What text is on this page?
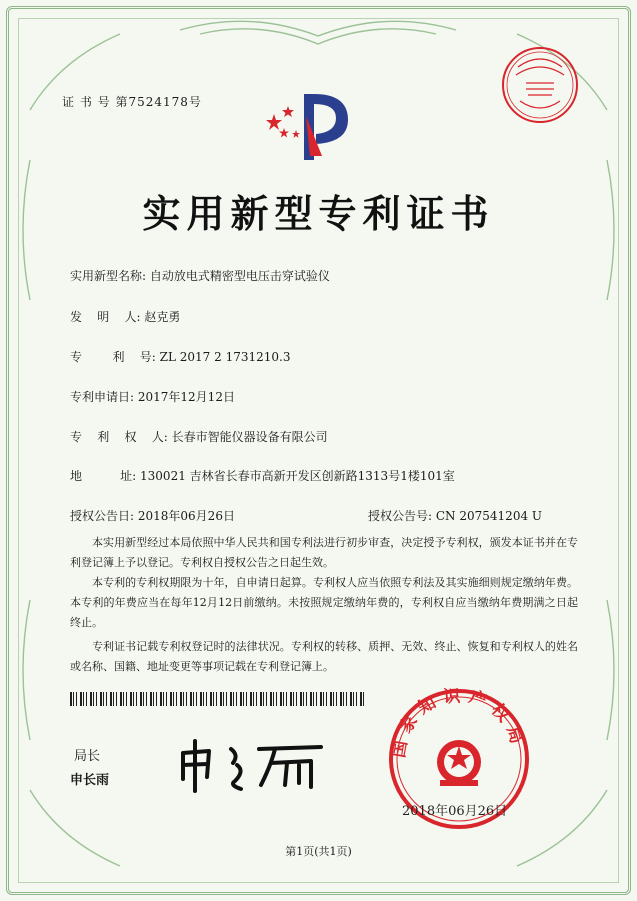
证 书 号 第7524178号
实用新型专利证书
实用新型名称: 自动放电式精密型电压击穿试验仪
发    明    人: 赵克勇
专        利    号: ZL 2017 2 1731210.3
专利申请日: 2017年12月12日
专    利    权    人: 长春市智能仪器设备有限公司
地          址: 130021 吉林省长春市高新开发区创新路1313号1楼101室
授权公告日: 2018年06月26日	授权公告号: CN 207541204 U

本实用新型经过本局依照中华人民共和国专利法进行初步审查，决定授予专利权，颁发本证书并在专利登记簿上予以登记。专利权自授权公告之日起生效。

本专利的专利权期限为十年，自申请日起算。专利权人应当依照专利法及其实施细则规定缴纳年费。本专利的年费应当在每年12月12日前缴纳。未按照规定缴纳年费的，专利权自应当缴纳年费期满之日起终止。

专利证书记载专利权登记时的法律状况。专利权的转移、质押、无效、终止、恢复和专利权人的姓名或名称、国籍、地址变更等事项记载在专利登记簿上。

局长
申长雨
国家知识产权局
2018年06月26日
第1页(共1页)
